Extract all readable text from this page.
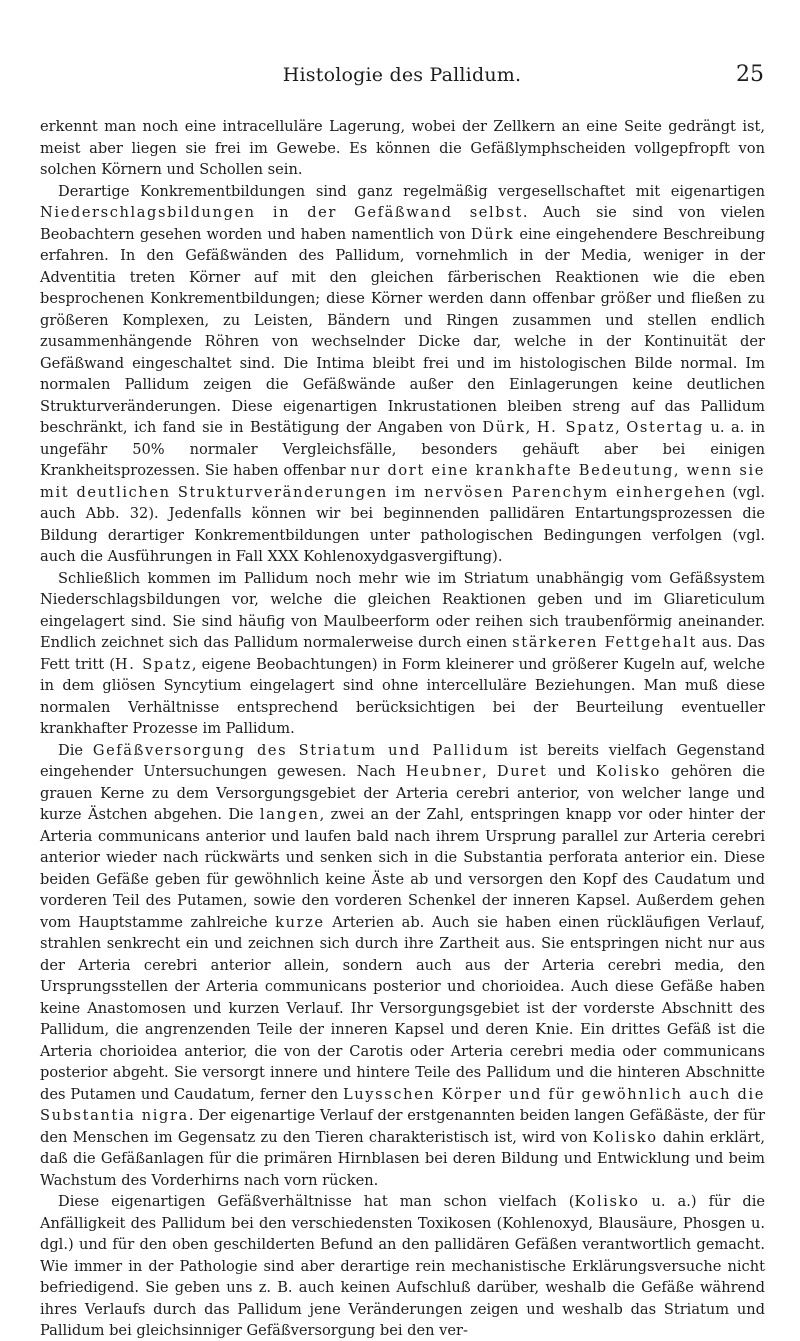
Histologie des Pallidum.	25

erkennt man noch eine intracelluläre Lagerung, wobei der Zellkern an eine Seite gedrängt ist, meist aber liegen sie frei im Gewebe. Es können die Gefäßlymphscheiden vollgepfropft von solchen Körnern und Schollen sein.

Derartige Konkrementbildungen sind ganz regelmäßig vergesellschaftet mit eigenartigen Niederschlagsbildungen in der Gefäßwand selbst. Auch sie sind von vielen Beobachtern gesehen worden und haben namentlich von Dürk eine eingehendere Beschreibung erfahren. In den Gefäßwänden des Pallidum, vornehmlich in der Media, weniger in der Adventitia treten Körner auf mit den gleichen färberischen Reaktionen wie die eben besprochenen Konkrementbildungen; diese Körner werden dann offenbar größer und fließen zu größeren Komplexen, zu Leisten, Bändern und Ringen zusammen und stellen endlich zusammenhängende Röhren von wechselnder Dicke dar, welche in der Kontinuität der Gefäßwand eingeschaltet sind. Die Intima bleibt frei und im histologischen Bilde normal. Im normalen Pallidum zeigen die Gefäßwände außer den Einlagerungen keine deutlichen Strukturveränderungen. Diese eigenartigen Inkrustationen bleiben streng auf das Pallidum beschränkt, ich fand sie in Bestätigung der Angaben von Dürk, H. Spatz, Ostertag u. a. in ungefähr 50% normaler Vergleichsfälle, besonders gehäuft aber bei einigen Krankheitsprozessen. Sie haben offenbar nur dort eine krankhafte Bedeutung, wenn sie mit deutlichen Strukturveränderungen im nervösen Parenchym einhergehen (vgl. auch Abb. 32). Jedenfalls können wir bei beginnenden pallidären Entartungsprozessen die Bildung derartiger Konkrementbildungen unter pathologischen Bedingungen verfolgen (vgl. auch die Ausführungen in Fall XXX Kohlenoxydgasvergiftung).

Schließlich kommen im Pallidum noch mehr wie im Striatum unabhängig vom Gefäßsystem Niederschlagsbildungen vor, welche die gleichen Reaktionen geben und im Gliareticulum eingelagert sind. Sie sind häufig von Maulbeerform oder reihen sich traubenförmig aneinander. Endlich zeichnet sich das Pallidum normalerweise durch einen stärkeren Fettgehalt aus. Das Fett tritt (H. Spatz, eigene Beobachtungen) in Form kleinerer und größerer Kugeln auf, welche in dem gliösen Syncytium eingelagert sind ohne intercelluläre Beziehungen. Man muß diese normalen Verhältnisse entsprechend berücksichtigen bei der Beurteilung eventueller krankhafter Prozesse im Pallidum.

Die Gefäßversorgung des Striatum und Pallidum ist bereits vielfach Gegenstand eingehender Untersuchungen gewesen. Nach Heubner, Duret und Kolisko gehören die grauen Kerne zu dem Versorgungsgebiet der Arteria cerebri anterior, von welcher lange und kurze Ästchen abgehen. Die langen, zwei an der Zahl, entspringen knapp vor oder hinter der Arteria communicans anterior und laufen bald nach ihrem Ursprung parallel zur Arteria cerebri anterior wieder nach rückwärts und senken sich in die Substantia perforata anterior ein. Diese beiden Gefäße geben für gewöhnlich keine Äste ab und versorgen den Kopf des Caudatum und vorderen Teil des Putamen, sowie den vorderen Schenkel der inneren Kapsel. Außerdem gehen vom Hauptstamme zahlreiche kurze Arterien ab. Auch sie haben einen rückläufigen Verlauf, strahlen senkrecht ein und zeichnen sich durch ihre Zartheit aus. Sie entspringen nicht nur aus der Arteria cerebri anterior allein, sondern auch aus der Arteria cerebri media, den Ursprungsstellen der Arteria communicans posterior und chorioidea. Auch diese Gefäße haben keine Anastomosen und kurzen Verlauf. Ihr Versorgungsgebiet ist der vorderste Abschnitt des Pallidum, die angrenzenden Teile der inneren Kapsel und deren Knie. Ein drittes Gefäß ist die Arteria chorioidea anterior, die von der Carotis oder Arteria cerebri media oder communicans posterior abgeht. Sie versorgt innere und hintere Teile des Pallidum und die hinteren Abschnitte des Putamen und Caudatum, ferner den Luysschen Körper und für gewöhnlich auch die Substantia nigra. Der eigenartige Verlauf der erstgenannten beiden langen Gefäßäste, der für den Menschen im Gegensatz zu den Tieren charakteristisch ist, wird von Kolisko dahin erklärt, daß die Gefäßanlagen für die primären Hirnblasen bei deren Bildung und Entwicklung und beim Wachstum des Vorderhirns nach vorn rücken.

Diese eigenartigen Gefäßverhältnisse hat man schon vielfach (Kolisko u. a.) für die Anfälligkeit des Pallidum bei den verschiedensten Toxikosen (Kohlenoxyd, Blausäure, Phosgen u. dgl.) und für den oben geschilderten Befund an den pallidären Gefäßen verantwortlich gemacht. Wie immer in der Pathologie sind aber derartige rein mechanistische Erklärungsversuche nicht befriedigend. Sie geben uns z. B. auch keinen Aufschluß darüber, weshalb die Gefäße während ihres Verlaufs durch das Pallidum jene Veränderungen zeigen und weshalb das Striatum und Pallidum bei gleichsinniger Gefäßversorgung bei den ver-
